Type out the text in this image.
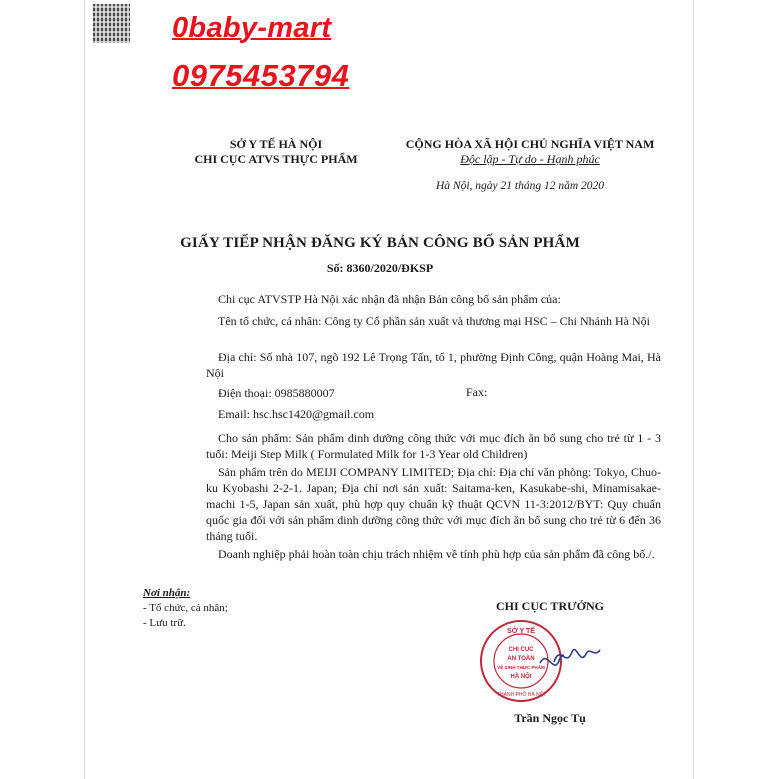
0baby-mart
0975453794
SỞ Y TẾ HÀ NỘI
CHI CỤC ATVS THỰC PHẨM
CỘNG HÒA XÃ HỘI CHỦ NGHĨA VIỆT NAM
Độc lập - Tự do - Hạnh phúc
Hà Nội, ngày 21 tháng 12 năm 2020
GIẤY TIẾP NHẬN ĐĂNG KÝ BẢN CÔNG BỐ SẢN PHẨM
Số: 8360/2020/ĐKSP
Chi cục ATVSTP Hà Nội xác nhận đã nhận Bản công bố sản phẩm của:
Tên tổ chức, cá nhân: Công ty Cổ phần sản xuất và thương mại HSC – Chi Nhánh Hà Nội
Địa chỉ: Số nhà 107, ngõ 192 Lê Trọng Tấn, tổ 1, phường Định Công, quận Hoàng Mai, Hà Nội
Điện thoại: 0985880007	Fax:
Email: hsc.hsc1420@gmail.com
Cho sản phẩm: Sản phẩm dinh dưỡng công thức với mục đích ăn bổ sung cho trẻ từ 1 - 3 tuổi: Meiji Step Milk ( Formulated Milk for 1-3 Year old Children)
Sản phẩm trên do MEIJI COMPANY LIMITED; Địa chỉ: Địa chỉ văn phòng: Tokyo, Chuo-ku Kyobashi 2-2-1. Japan; Địa chỉ nơi sản xuất: Saitama-ken, Kasukabe-shi, Minamisakae-machi 1-5, Japan sản xuất, phù hợp quy chuẩn kỹ thuật QCVN 11-3:2012/BYT: Quy chuẩn quốc gia đối với sản phẩm dinh dưỡng công thức với mục đích ăn bổ sung cho trẻ từ 6 đến 36 tháng tuổi.
Doanh nghiệp phải hoàn toàn chịu trách nhiệm về tính phù hợp của sản phẩm đã công bố./.
Nơi nhận:
- Tổ chức, cá nhân;
- Lưu trữ.
CHI CỤC TRƯỞNG
SỞ Y TẾ
CHI CỤC
AN TOÀN
VỆ SINH THỰC PHẨM
HÀ NỘI
THÀNH PHỐ HÀ NỘI
Trần Ngọc Tụ
